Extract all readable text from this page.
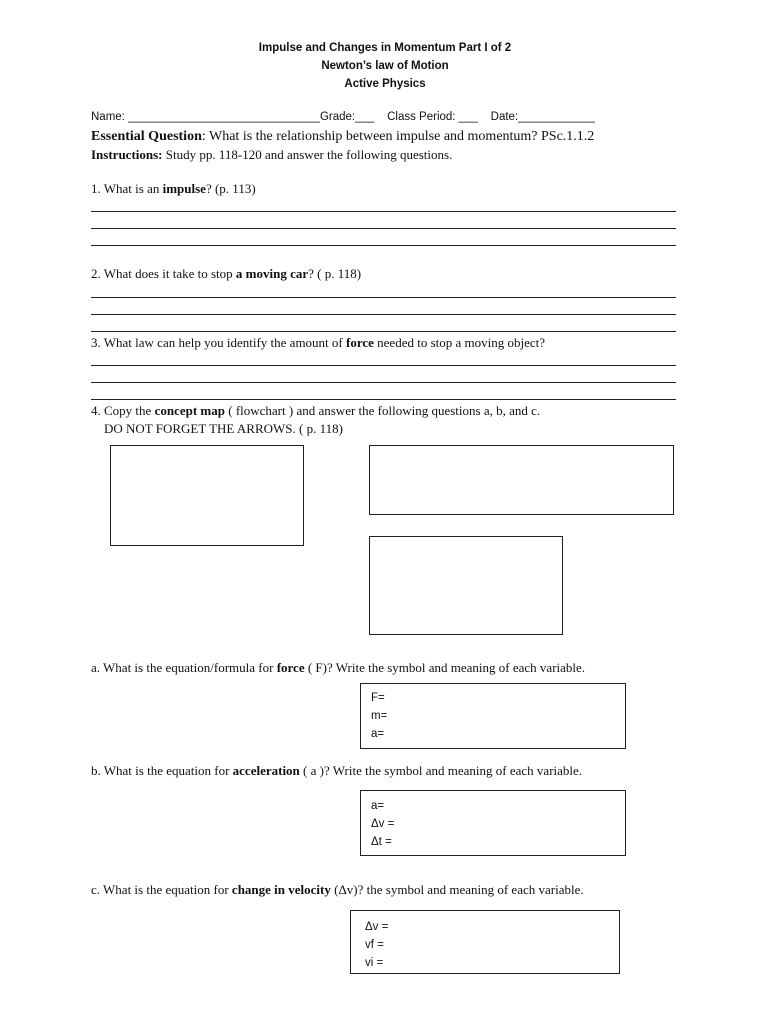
Impulse and Changes in Momentum Part I of 2
Newton’s law of Motion
Active Physics
Name: ______________________________Grade:___ Class Period: ___ Date:____________
Essential Question: What is the relationship between impulse and momentum? PSc.1.1.2
Instructions: Study pp. 118-120 and answer the following questions.
1. What is an impulse? (p. 113)
2. What does it take to stop a moving car? ( p. 118)
3. What law can help you identify the amount of force needed to stop a moving object?
4. Copy the concept map ( flowchart ) and answer the following questions a, b, and c.
DO NOT FORGET THE ARROWS. ( p. 118)
a. What is the equation/formula for force ( F)? Write the symbol and meaning of each variable.
F=
m=
a=
b. What is the equation for acceleration ( a )? Write the symbol and meaning of each variable.
a=
Δv =
Δt =
c. What is the equation for change in velocity (Δv)? the symbol and meaning of each variable.
Δv =
vf =
vi =
